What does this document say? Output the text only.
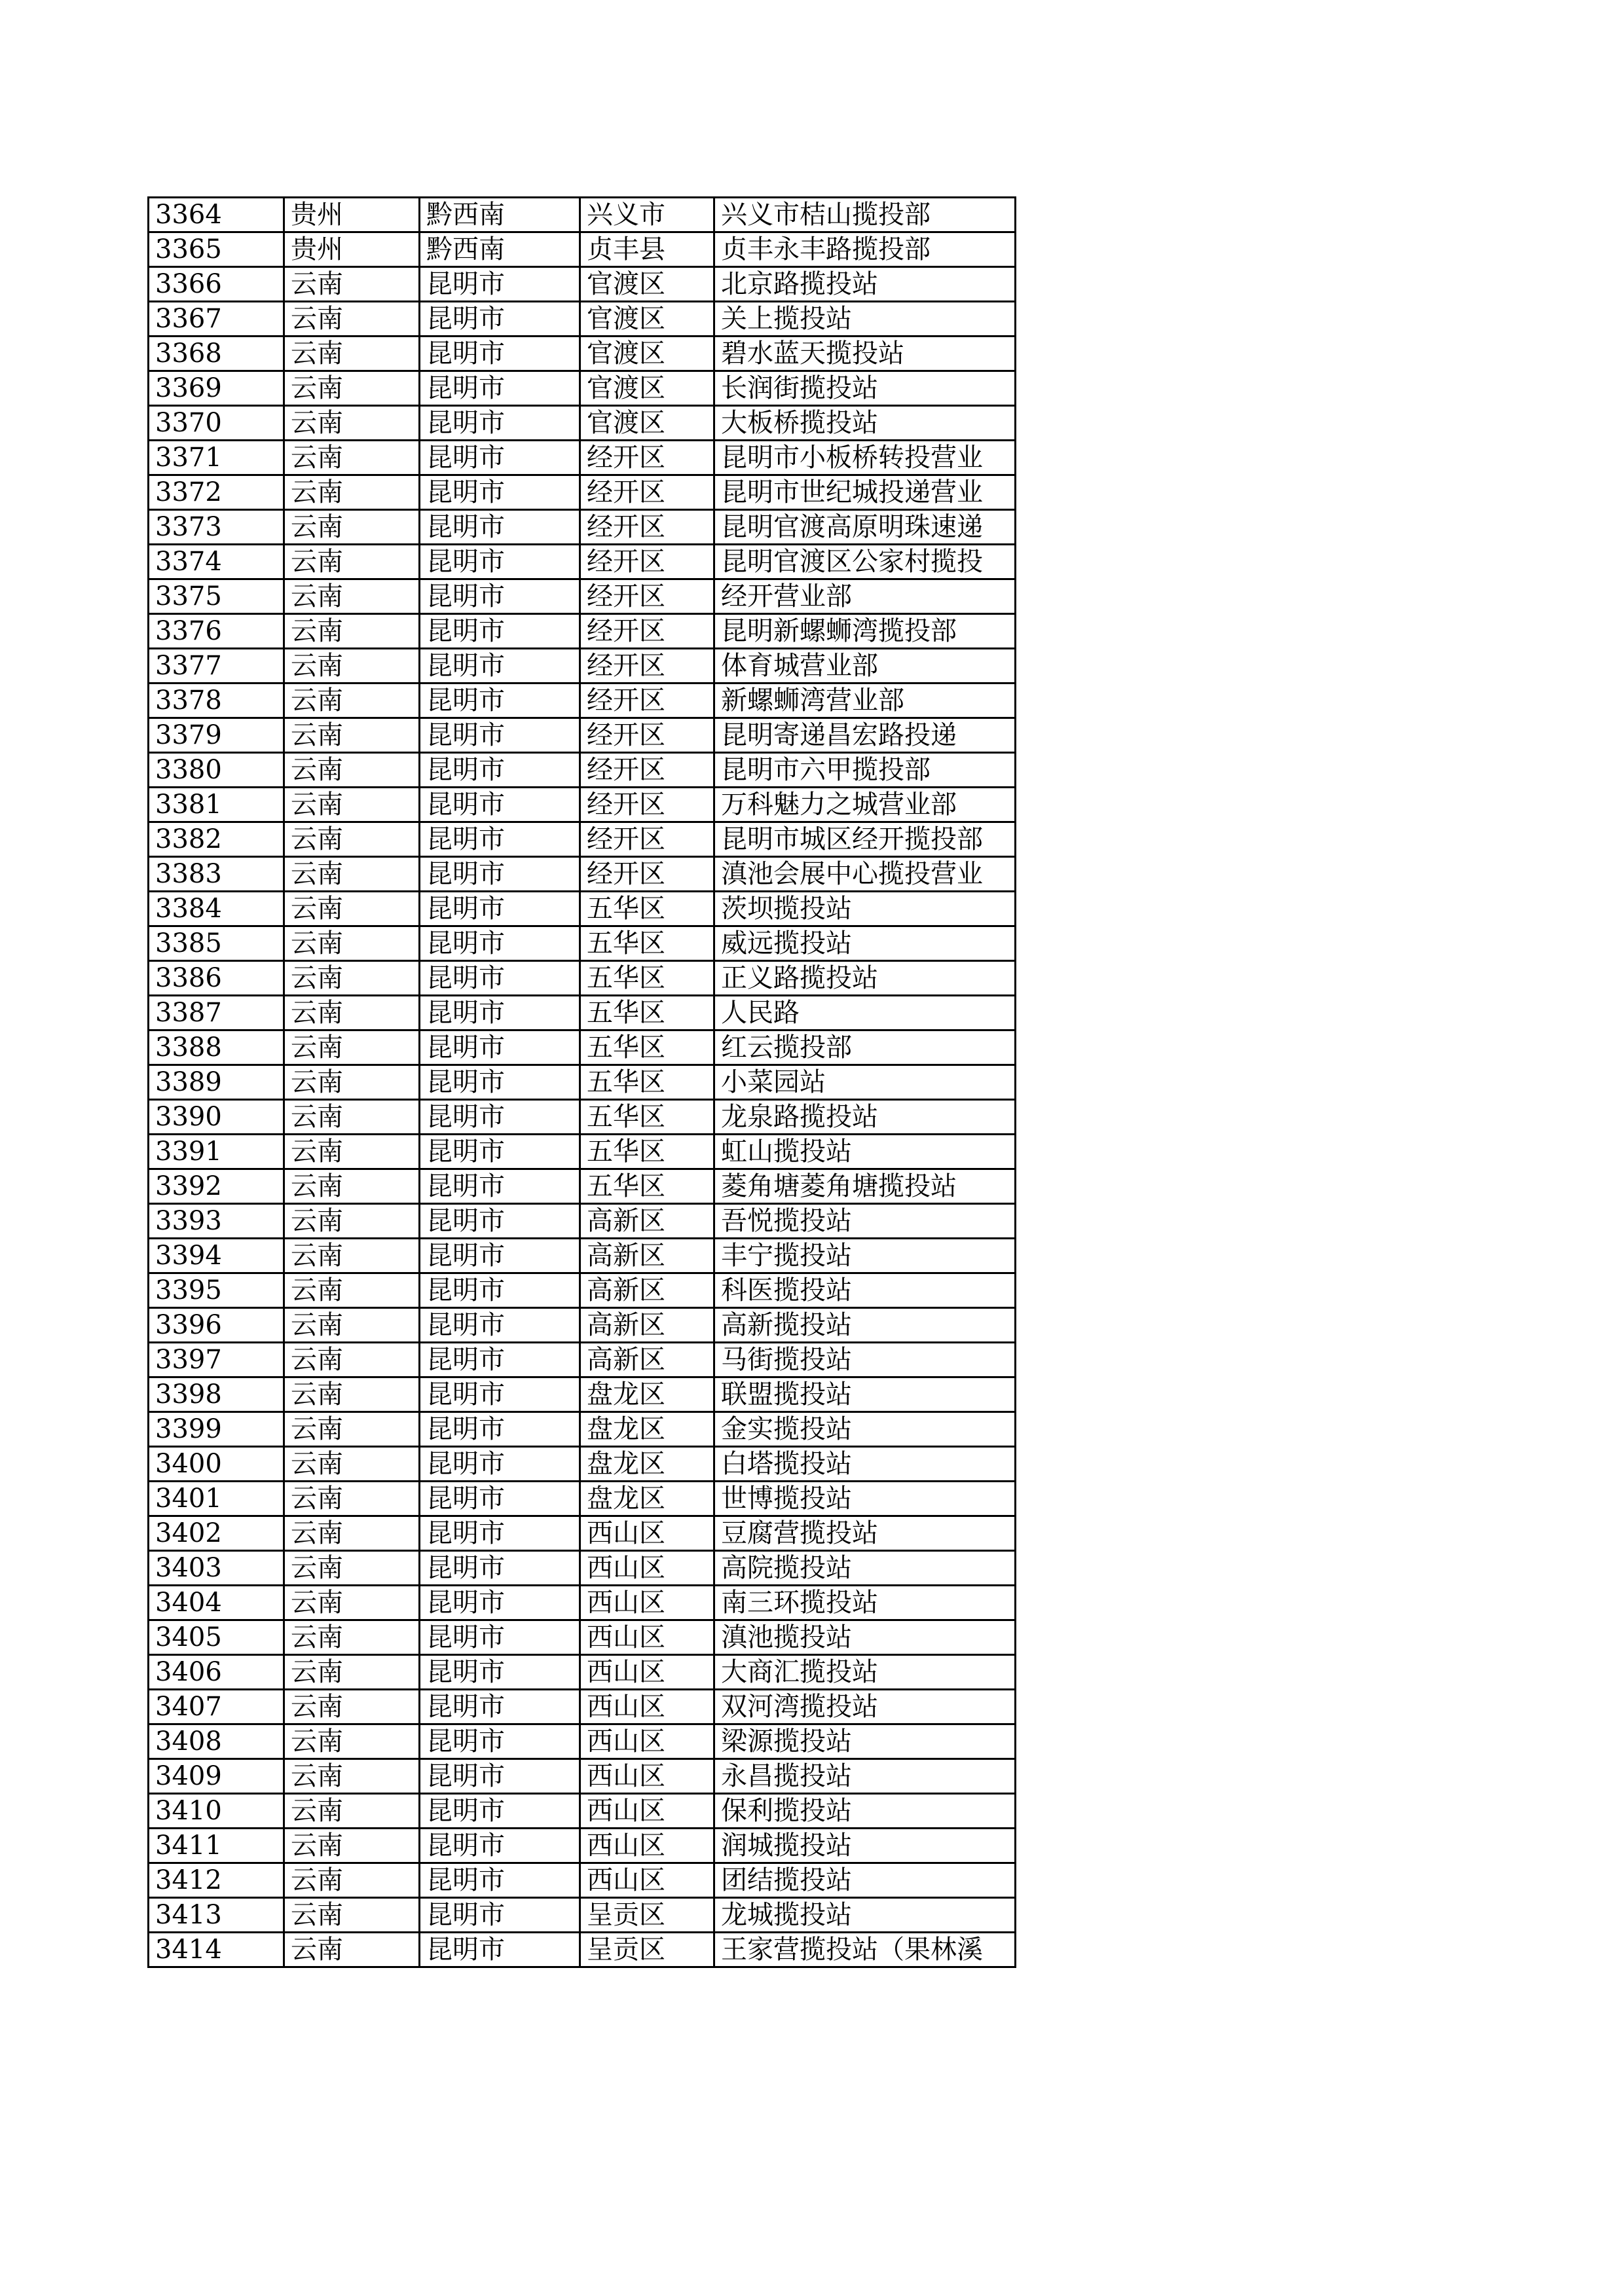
3364	贵州	黔西南	兴义市	兴义市桔山揽投部
3365	贵州	黔西南	贞丰县	贞丰永丰路揽投部
3366	云南	昆明市	官渡区	北京路揽投站
3367	云南	昆明市	官渡区	关上揽投站
3368	云南	昆明市	官渡区	碧水蓝天揽投站
3369	云南	昆明市	官渡区	长润街揽投站
3370	云南	昆明市	官渡区	大板桥揽投站
3371	云南	昆明市	经开区	昆明市小板桥转投营业
3372	云南	昆明市	经开区	昆明市世纪城投递营业
3373	云南	昆明市	经开区	昆明官渡高原明珠速递
3374	云南	昆明市	经开区	昆明官渡区公家村揽投
3375	云南	昆明市	经开区	经开营业部
3376	云南	昆明市	经开区	昆明新螺蛳湾揽投部
3377	云南	昆明市	经开区	体育城营业部
3378	云南	昆明市	经开区	新螺蛳湾营业部
3379	云南	昆明市	经开区	昆明寄递昌宏路投递
3380	云南	昆明市	经开区	昆明市六甲揽投部
3381	云南	昆明市	经开区	万科魅力之城营业部
3382	云南	昆明市	经开区	昆明市城区经开揽投部
3383	云南	昆明市	经开区	滇池会展中心揽投营业
3384	云南	昆明市	五华区	茨坝揽投站
3385	云南	昆明市	五华区	威远揽投站
3386	云南	昆明市	五华区	正义路揽投站
3387	云南	昆明市	五华区	人民路
3388	云南	昆明市	五华区	红云揽投部
3389	云南	昆明市	五华区	小菜园站
3390	云南	昆明市	五华区	龙泉路揽投站
3391	云南	昆明市	五华区	虹山揽投站
3392	云南	昆明市	五华区	菱角塘菱角塘揽投站
3393	云南	昆明市	高新区	吾悦揽投站
3394	云南	昆明市	高新区	丰宁揽投站
3395	云南	昆明市	高新区	科医揽投站
3396	云南	昆明市	高新区	高新揽投站
3397	云南	昆明市	高新区	马街揽投站
3398	云南	昆明市	盘龙区	联盟揽投站
3399	云南	昆明市	盘龙区	金实揽投站
3400	云南	昆明市	盘龙区	白塔揽投站
3401	云南	昆明市	盘龙区	世博揽投站
3402	云南	昆明市	西山区	豆腐营揽投站
3403	云南	昆明市	西山区	高院揽投站
3404	云南	昆明市	西山区	南三环揽投站
3405	云南	昆明市	西山区	滇池揽投站
3406	云南	昆明市	西山区	大商汇揽投站
3407	云南	昆明市	西山区	双河湾揽投站
3408	云南	昆明市	西山区	梁源揽投站
3409	云南	昆明市	西山区	永昌揽投站
3410	云南	昆明市	西山区	保利揽投站
3411	云南	昆明市	西山区	润城揽投站
3412	云南	昆明市	西山区	团结揽投站
3413	云南	昆明市	呈贡区	龙城揽投站
3414	云南	昆明市	呈贡区	王家营揽投站（果林溪
